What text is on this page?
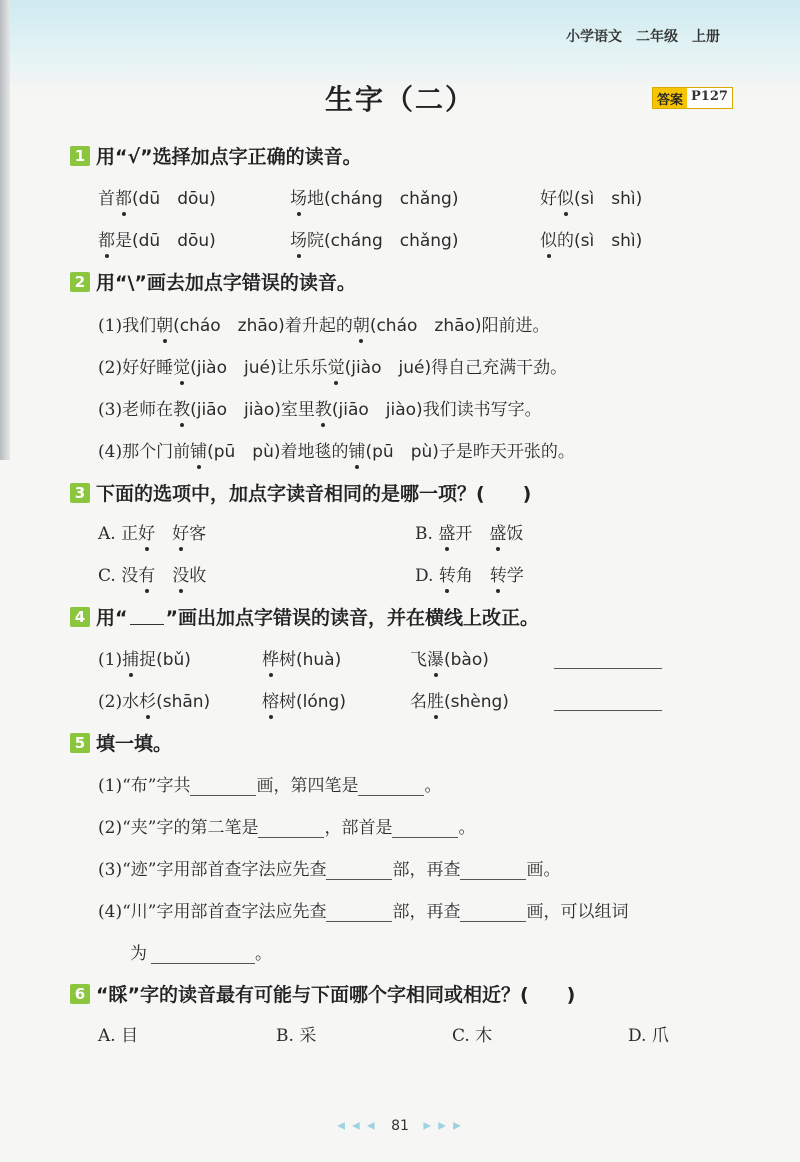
小学语文 二年级 上册
生字（二）	答案 P127
1 用“√”选择加点字正确的读音。
首都(dū　dōu)	场地(cháng　chǎng)	好似(sì　shì)
都是(dū　dōu)	场院(cháng　chǎng)	似的(sì　shì)
2 用“\”画去加点字错误的读音。
(1)我们朝(cháo　zhāo)着升起的朝(cháo　zhāo)阳前进。
(2)好好睡觉(jiào　jué)让乐乐觉(jiào　jué)得自己充满干劲。
(3)老师在教(jiāo　jiào)室里教(jiāo　jiào)我们读书写字。
(4)那个门前铺(pū　pù)着地毯的铺(pū　pù)子是昨天开张的。
3 下面的选项中，加点字读音相同的是哪一项？(　　)
A. 正好　 好客	B. 盛开　 盛饭
C. 没有　 没收	D. 转角　 转学
4 用“ ”画出加点字错误的读音，并在横线上改正。
(1)捕捉(bǔ)	桦树(huà)	飞瀑(bào)
(2)水杉(shān)	榕树(lóng)	名胜(shèng)
5 填一填。
(1)“布”字共	画，第四笔是	。
(2)“夹”字的第二笔是	，部首是	。
(3)“迹”字用部首查字法应先查	部，再查	画。
(4)“川”字用部首查字法应先查	部，再查	画，可以组词
为	。
6 “睬”字的读音最有可能与下面哪个字相同或相近？(　　)
A. 目	B. 采	C. 木	D. 爪
◀ ◀ ◀ 81 ▶ ▶ ▶
